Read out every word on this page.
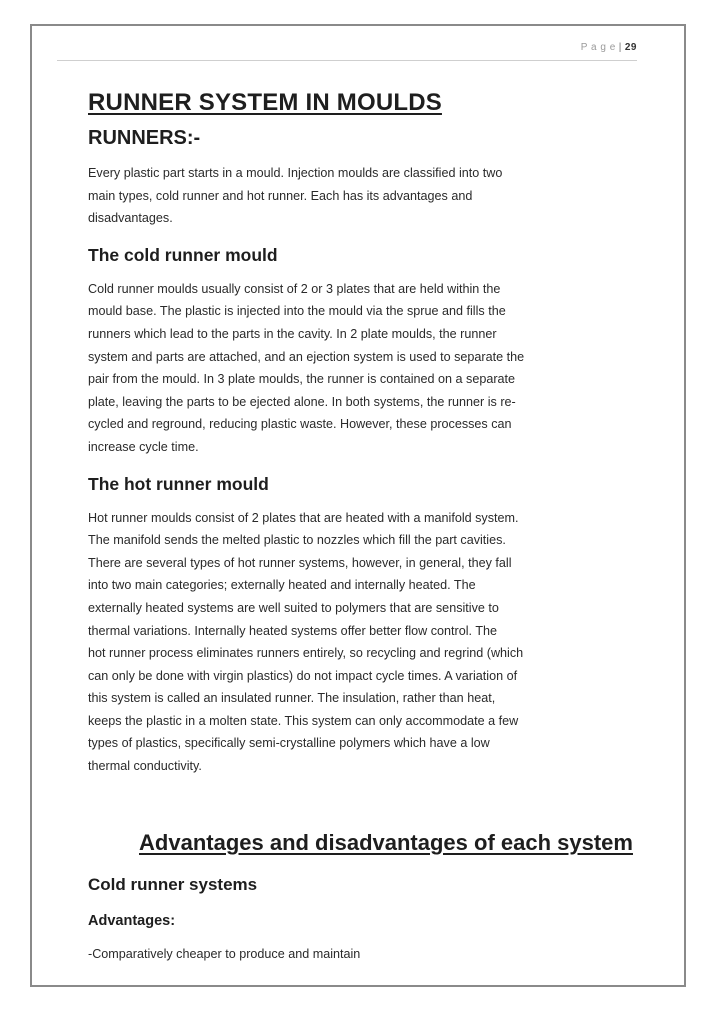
P a g e | 29
RUNNER SYSTEM IN MOULDS
RUNNERS:-

Every plastic part starts in a mould. Injection moulds are classified into two
main types, cold runner and hot runner. Each has its advantages and
disadvantages.

The cold runner mould

Cold runner moulds usually consist of 2 or 3 plates that are held within the
mould base. The plastic is injected into the mould via the sprue and fills the
runners which lead to the parts in the cavity. In 2 plate moulds, the runner
system and parts are attached, and an ejection system is used to separate the
pair from the mould. In 3 plate moulds, the runner is contained on a separate
plate, leaving the parts to be ejected alone. In both systems, the runner is re-
cycled and reground, reducing plastic waste. However, these processes can
increase cycle time.

The hot runner mould

Hot runner moulds consist of 2 plates that are heated with a manifold system.
The manifold sends the melted plastic to nozzles which fill the part cavities.
There are several types of hot runner systems, however, in general, they fall
into two main categories; externally heated and internally heated. The
externally heated systems are well suited to polymers that are sensitive to
thermal variations. Internally heated systems offer better flow control. The
hot runner process eliminates runners entirely, so recycling and regrind (which
can only be done with virgin plastics) do not impact cycle times. A variation of
this system is called an insulated runner. The insulation, rather than heat,
keeps the plastic in a molten state. This system can only accommodate a few
types of plastics, specifically semi-crystalline polymers which have a low
thermal conductivity.

Advantages and disadvantages of each system
Cold runner systems
Advantages:

-Comparatively cheaper to produce and maintain
